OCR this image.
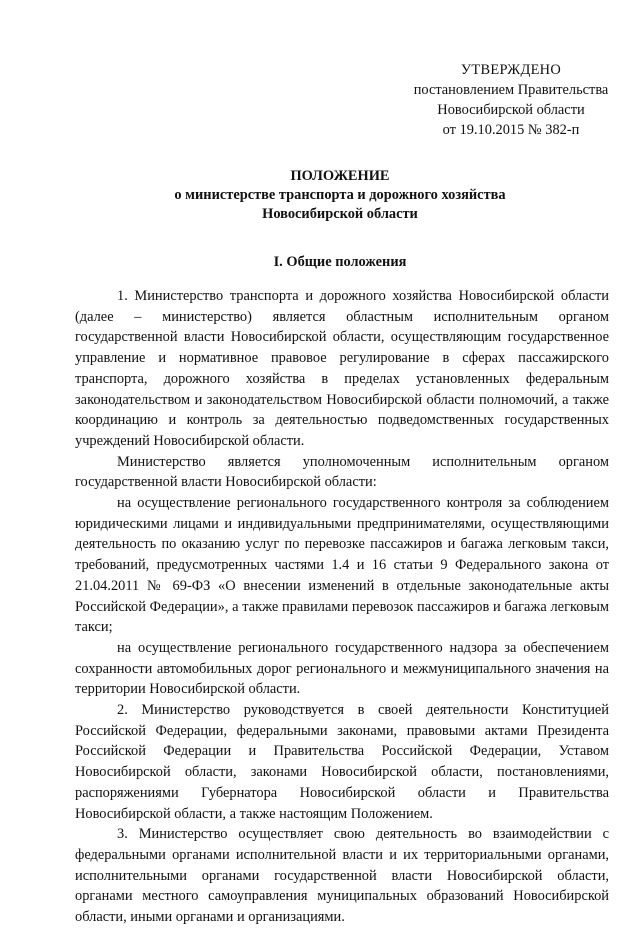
УТВЕРЖДЕНО
постановлением Правительства
Новосибирской области
от 19.10.2015 № 382-п
ПОЛОЖЕНИЕ
о министерстве транспорта и дорожного хозяйства
Новосибирской области
I. Общие положения

1. Министерство транспорта и дорожного хозяйства Новосибирской области (далее – министерство) является областным исполнительным органом государственной власти Новосибирской области, осуществляющим государственное управление и нормативное правовое регулирование в сферах пассажирского транспорта, дорожного хозяйства в пределах установленных федеральным законодательством и законодательством Новосибирской области полномочий, а также координацию и контроль за деятельностью подведомственных государственных учреждений Новосибирской области.

Министерство является уполномоченным исполнительным органом государственной власти Новосибирской области:

на осуществление регионального государственного контроля за соблюдением юридическими лицами и индивидуальными предпринимателями, осуществляющими деятельность по оказанию услуг по перевозке пассажиров и багажа легковым такси, требований, предусмотренных частями 1.4 и 16 статьи 9 Федерального закона от 21.04.2011 № 69-ФЗ «О внесении изменений в отдельные законодательные акты Российской Федерации», а также правилами перевозок пассажиров и багажа легковым такси;

на осуществление регионального государственного надзора за обеспечением сохранности автомобильных дорог регионального и межмуниципального значения на территории Новосибирской области.

2. Министерство руководствуется в своей деятельности Конституцией Российской Федерации, федеральными законами, правовыми актами Президента Российской Федерации и Правительства Российской Федерации, Уставом Новосибирской области, законами Новосибирской области, постановлениями, распоряжениями Губернатора Новосибирской области и Правительства Новосибирской области, а также настоящим Положением.

3. Министерство осуществляет свою деятельность во взаимодействии с федеральными органами исполнительной власти и их территориальными органами, исполнительными органами государственной власти Новосибирской области, органами местного самоуправления муниципальных образований Новосибирской области, иными органами и организациями.
